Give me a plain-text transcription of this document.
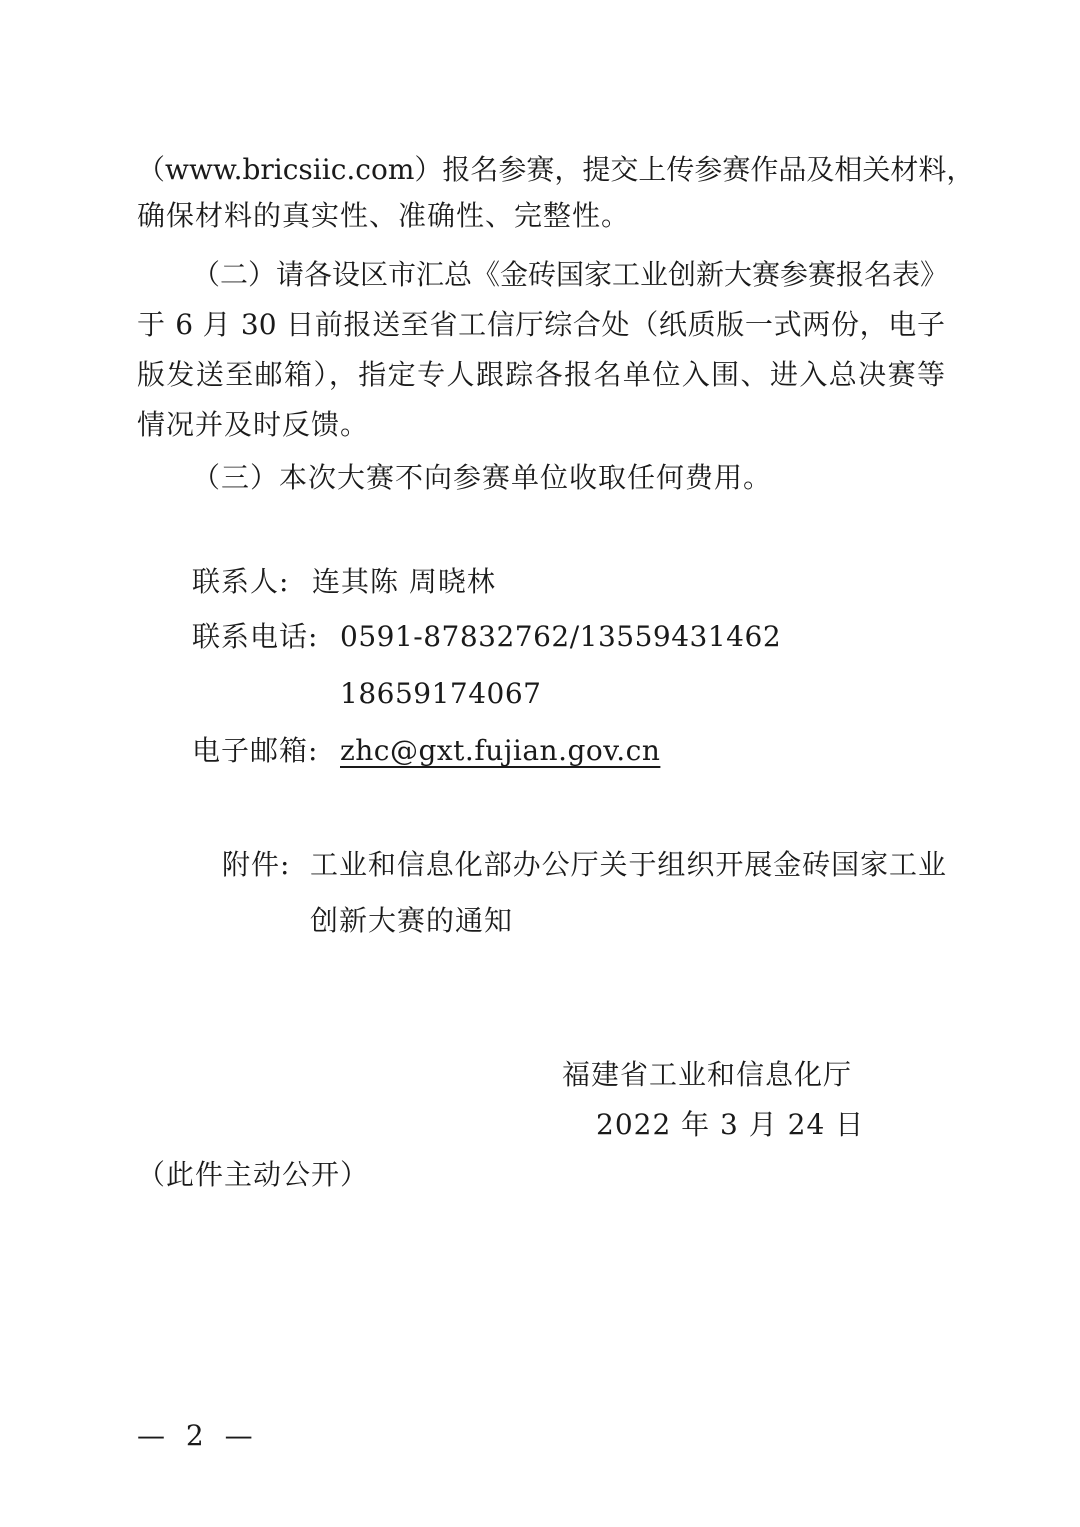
（www.bricsiic.com）报名参赛，提交上传参赛作品及相关材料，
确保材料的真实性、准确性、完整性。
（二）请各设区市汇总《金砖国家工业创新大赛参赛报名表》
于 6 月 30 日前报送至省工信厅综合处（纸质版一式两份，电子
版发送至邮箱），指定专人跟踪各报名单位入围、进入总决赛等
情况并及时反馈。
（三）本次大赛不向参赛单位收取任何费用。
联系人: 连其陈 周晓林
联系电话: 0591-87832762/13559431462
18659174067
电子邮箱: zhc@gxt.fujian.gov.cn
附件: 工业和信息化部办公厅关于组织开展金砖国家工业
创新大赛的通知
福建省工业和信息化厅
2022 年 3 月 24 日
（此件主动公开）
— 2 —
